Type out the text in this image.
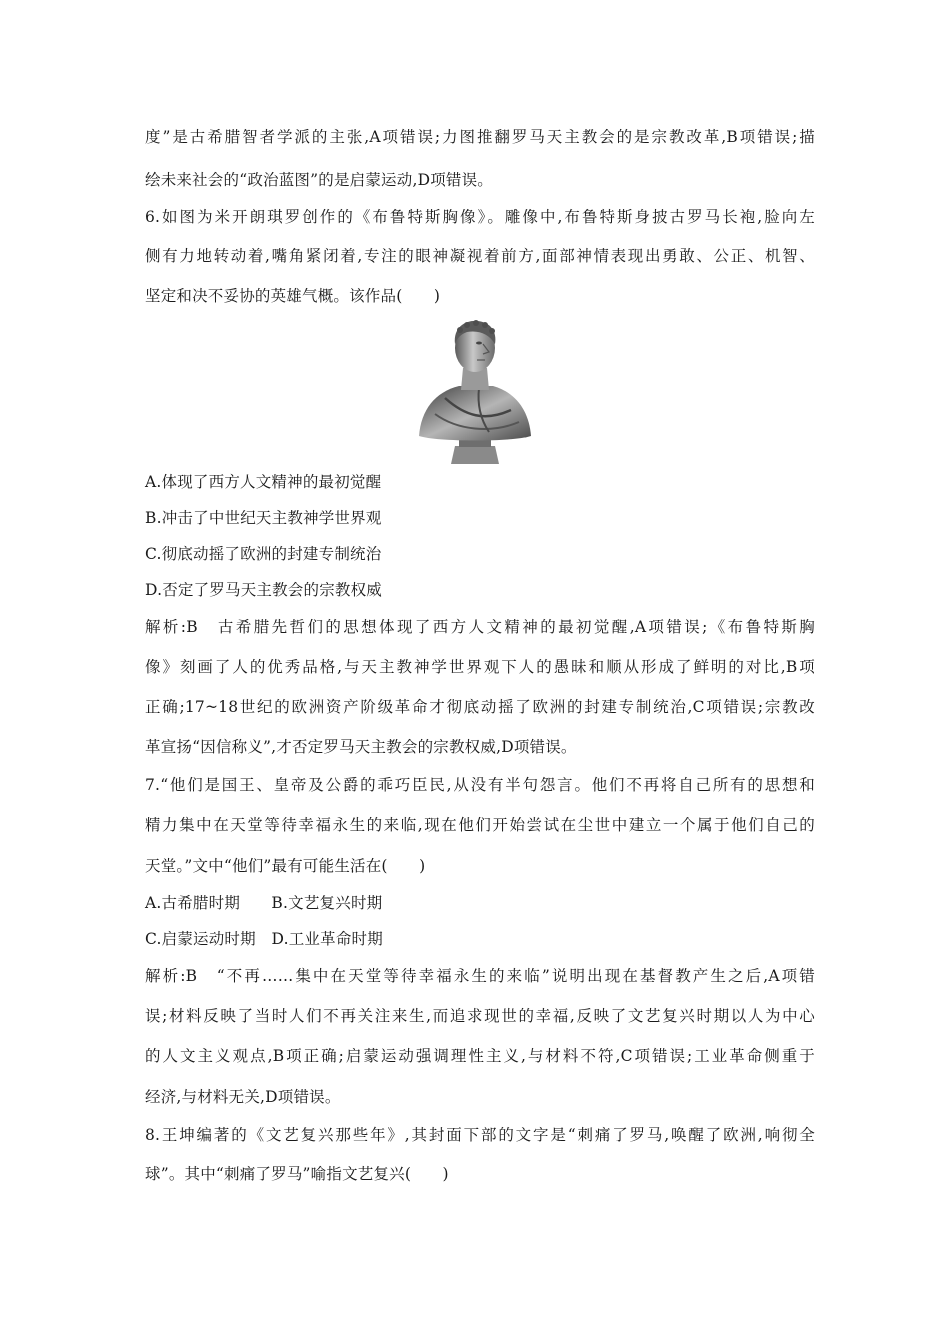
度”是古希腊智者学派的主张,A项错误;力图推翻罗马天主教会的是宗教改革,B项错误;描
绘未来社会的“政治蓝图”的是启蒙运动,D项错误。
6.如图为米开朗琪罗创作的《布鲁特斯胸像》。雕像中,布鲁特斯身披古罗马长袍,脸向左
侧有力地转动着,嘴角紧闭着,专注的眼神凝视着前方,面部神情表现出勇敢、公正、机智、
坚定和决不妥协的英雄气概。该作品(　　)
A.体现了西方人文精神的最初觉醒
B.冲击了中世纪天主教神学世界观
C.彻底动摇了欧洲的封建专制统治
D.否定了罗马天主教会的宗教权威
解析:B　古希腊先哲们的思想体现了西方人文精神的最初觉醒,A项错误;《布鲁特斯胸
像》刻画了人的优秀品格,与天主教神学世界观下人的愚昧和顺从形成了鲜明的对比,B项
正确;17~18世纪的欧洲资产阶级革命才彻底动摇了欧洲的封建专制统治,C项错误;宗教改
革宣扬“因信称义”,才否定罗马天主教会的宗教权威,D项错误。
7.“他们是国王、皇帝及公爵的乖巧臣民,从没有半句怨言。他们不再将自己所有的思想和
精力集中在天堂等待幸福永生的来临,现在他们开始尝试在尘世中建立一个属于他们自己的
天堂。”文中“他们”最有可能生活在(　　)
A.古希腊时期　　B.文艺复兴时期
C.启蒙运动时期　D.工业革命时期
解析:B　“不再……集中在天堂等待幸福永生的来临”说明出现在基督教产生之后,A项错
误;材料反映了当时人们不再关注来生,而追求现世的幸福,反映了文艺复兴时期以人为中心
的人文主义观点,B项正确;启蒙运动强调理性主义,与材料不符,C项错误;工业革命侧重于
经济,与材料无关,D项错误。
8.王坤编著的《文艺复兴那些年》,其封面下部的文字是“刺痛了罗马,唤醒了欧洲,响彻全
球”。其中“刺痛了罗马”喻指文艺复兴(　　)
